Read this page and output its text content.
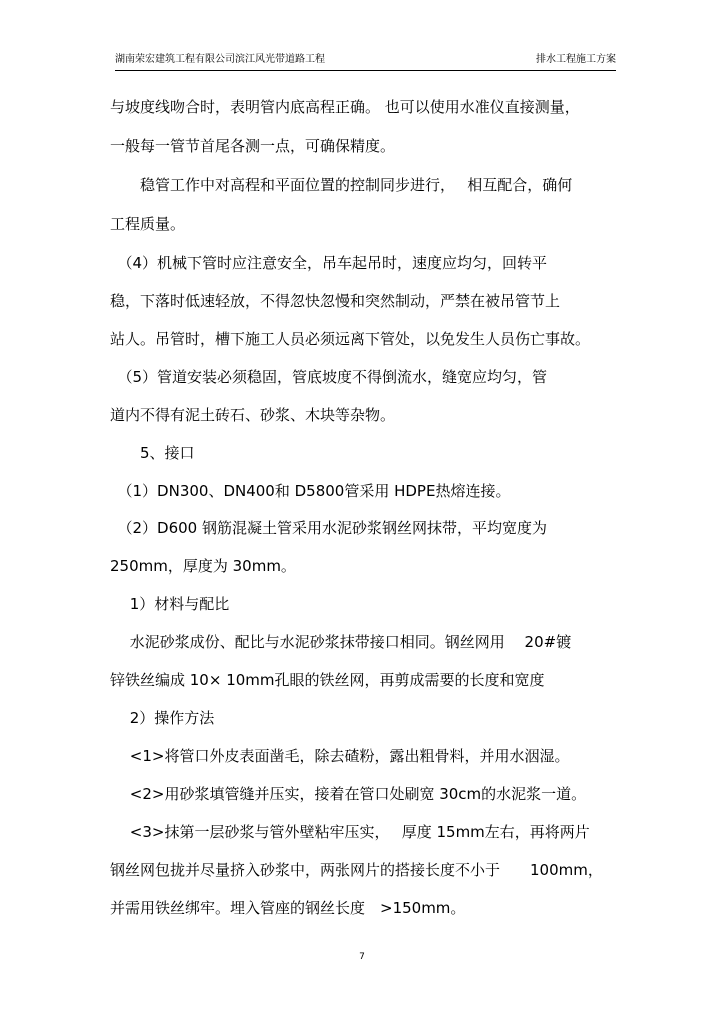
湖南荣宏建筑工程有限公司滨江风光带道路工程	排水工程施工方案
与坡度线吻合时，表明管内底高程正确。 也可以使用水准仪直接测量，
一般每一管节首尾各测一点，可确保精度。
　　稳管工作中对高程和平面位置的控制同步进行，　 相互配合，确何
工程质量。
　（4）机械下管时应注意安全，吊车起吊时，速度应均匀，回转平
稳，下落时低速轻放，不得忽快忽慢和突然制动，严禁在被吊管节上
站人。吊管时，槽下施工人员必须远离下管处，以免发生人员伤亡事故。
　（5）管道安装必须稳固，管底坡度不得倒流水，缝宽应均匀，管
道内不得有泥土砖石、砂浆、木块等杂物。
　　5、接口
　（1）DN300、DN400和 D5800管采用 HDPE热熔连接。
　（2）D600 钢筋混凝土管采用水泥砂浆钢丝网抹带，平均宽度为
250mm，厚度为 30mm。
　 1）材料与配比
　 水泥砂浆成份、配比与水泥砂浆抹带接口相同。钢丝网用　 20#镀
锌铁丝编成 10× 10mm孔眼的铁丝网，再剪成需要的长度和宽度
　 2）操作方法
　 <1>将管口外皮表面凿毛，除去碴粉，露出粗骨料，并用水洇湿。
　 <2>用砂浆填管缝并压实，接着在管口处刷宽 30cm的水泥浆一道。
　 <3>抹第一层砂浆与管外壁粘牢压实，　 厚度 15mm左右，再将两片
钢丝网包拢并尽量挤入砂浆中，两张网片的搭接长度不小于　　100mm，
并需用铁丝绑牢。埋入管座的钢丝长度　>150mm。
7
